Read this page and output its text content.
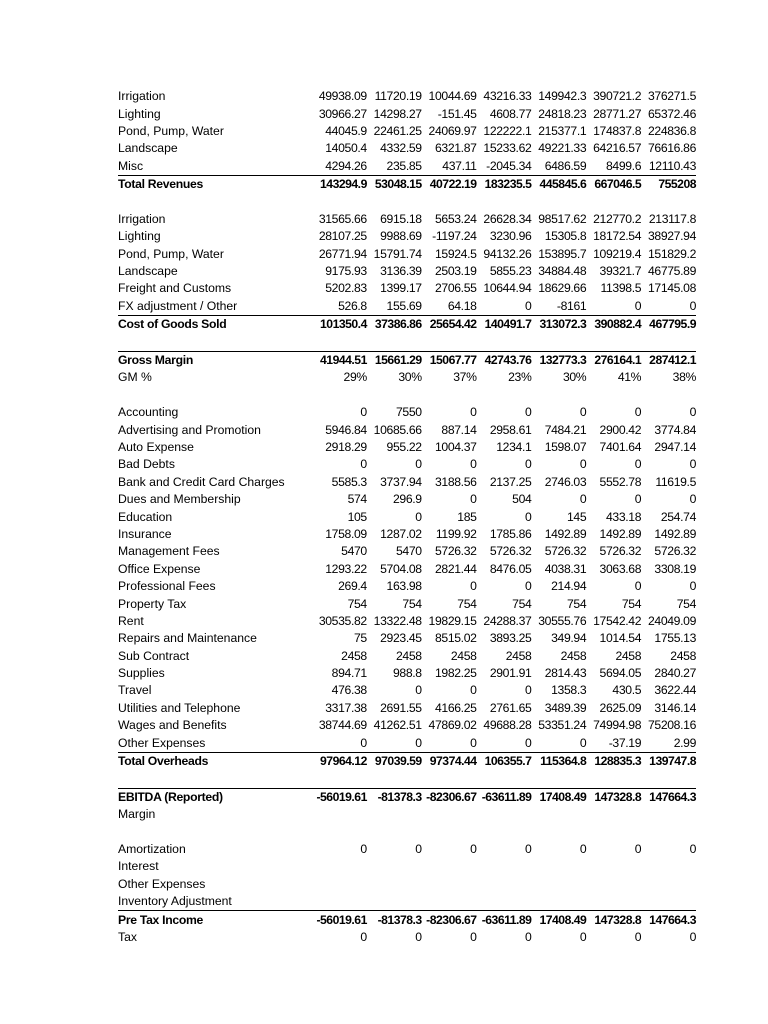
Irrigation	49938.09	11720.19	10044.69	43216.33	149942.3	390721.2	376271.5
Lighting	30966.27	14298.27	-151.45	4608.77	24818.23	28771.27	65372.46
Pond, Pump, Water	44045.9	22461.25	24069.97	122222.1	215377.1	174837.8	224836.8
Landscape	14050.4	4332.59	6321.87	15233.62	49221.33	64216.57	76616.86
Misc	4294.26	235.85	437.11	-2045.34	6486.59	8499.6	12110.43
Total Revenues	143294.9	53048.15	40722.19	183235.5	445845.6	667046.5	755208

Irrigation	31565.66	6915.18	5653.24	26628.34	98517.62	212770.2	213117.8
Lighting	28107.25	9988.69	-1197.24	3230.96	15305.8	18172.54	38927.94
Pond, Pump, Water	26771.94	15791.74	15924.5	94132.26	153895.7	109219.4	151829.2
Landscape	9175.93	3136.39	2503.19	5855.23	34884.48	39321.7	46775.89
Freight and Customs	5202.83	1399.17	2706.55	10644.94	18629.66	11398.5	17145.08
FX adjustment / Other	526.8	155.69	64.18	0	-8161	0	0
Cost of Goods Sold	101350.4	37386.86	25654.42	140491.7	313072.3	390882.4	467795.9

Gross Margin	41944.51	15661.29	15067.77	42743.76	132773.3	276164.1	287412.1
GM %	29%	30%	37%	23%	30%	41%	38%

Accounting	0	7550	0	0	0	0	0
Advertising and Promotion	5946.84	10685.66	887.14	2958.61	7484.21	2900.42	3774.84
Auto Expense	2918.29	955.22	1004.37	1234.1	1598.07	7401.64	2947.14
Bad Debts	0	0	0	0	0	0	0
Bank and Credit Card Charges	5585.3	3737.94	3188.56	2137.25	2746.03	5552.78	11619.5
Dues and Membership	574	296.9	0	504	0	0	0
Education	105	0	185	0	145	433.18	254.74
Insurance	1758.09	1287.02	1199.92	1785.86	1492.89	1492.89	1492.89
Management Fees	5470	5470	5726.32	5726.32	5726.32	5726.32	5726.32
Office Expense	1293.22	5704.08	2821.44	8476.05	4038.31	3063.68	3308.19
Professional Fees	269.4	163.98	0	0	214.94	0	0
Property Tax	754	754	754	754	754	754	754
Rent	30535.82	13322.48	19829.15	24288.37	30555.76	17542.42	24049.09
Repairs and Maintenance	75	2923.45	8515.02	3893.25	349.94	1014.54	1755.13
Sub Contract	2458	2458	2458	2458	2458	2458	2458
Supplies	894.71	988.8	1982.25	2901.91	2814.43	5694.05	2840.27
Travel	476.38	0	0	0	1358.3	430.5	3622.44
Utilities and Telephone	3317.38	2691.55	4166.25	2761.65	3489.39	2625.09	3146.14
Wages and Benefits	38744.69	41262.51	47869.02	49688.28	53351.24	74994.98	75208.16
Other Expenses	0	0	0	0	0	-37.19	2.99
Total Overheads	97964.12	97039.59	97374.44	106355.7	115364.8	128835.3	139747.8

EBITDA (Reported)	-56019.61	-81378.3	-82306.67	-63611.89	17408.49	147328.8	147664.3
Margin							

Amortization	0	0	0	0	0	0	0
Interest							
Other Expenses							
Inventory Adjustment							
Pre Tax Income	-56019.61	-81378.3	-82306.67	-63611.89	17408.49	147328.8	147664.3
Tax	0	0	0	0	0	0	0
